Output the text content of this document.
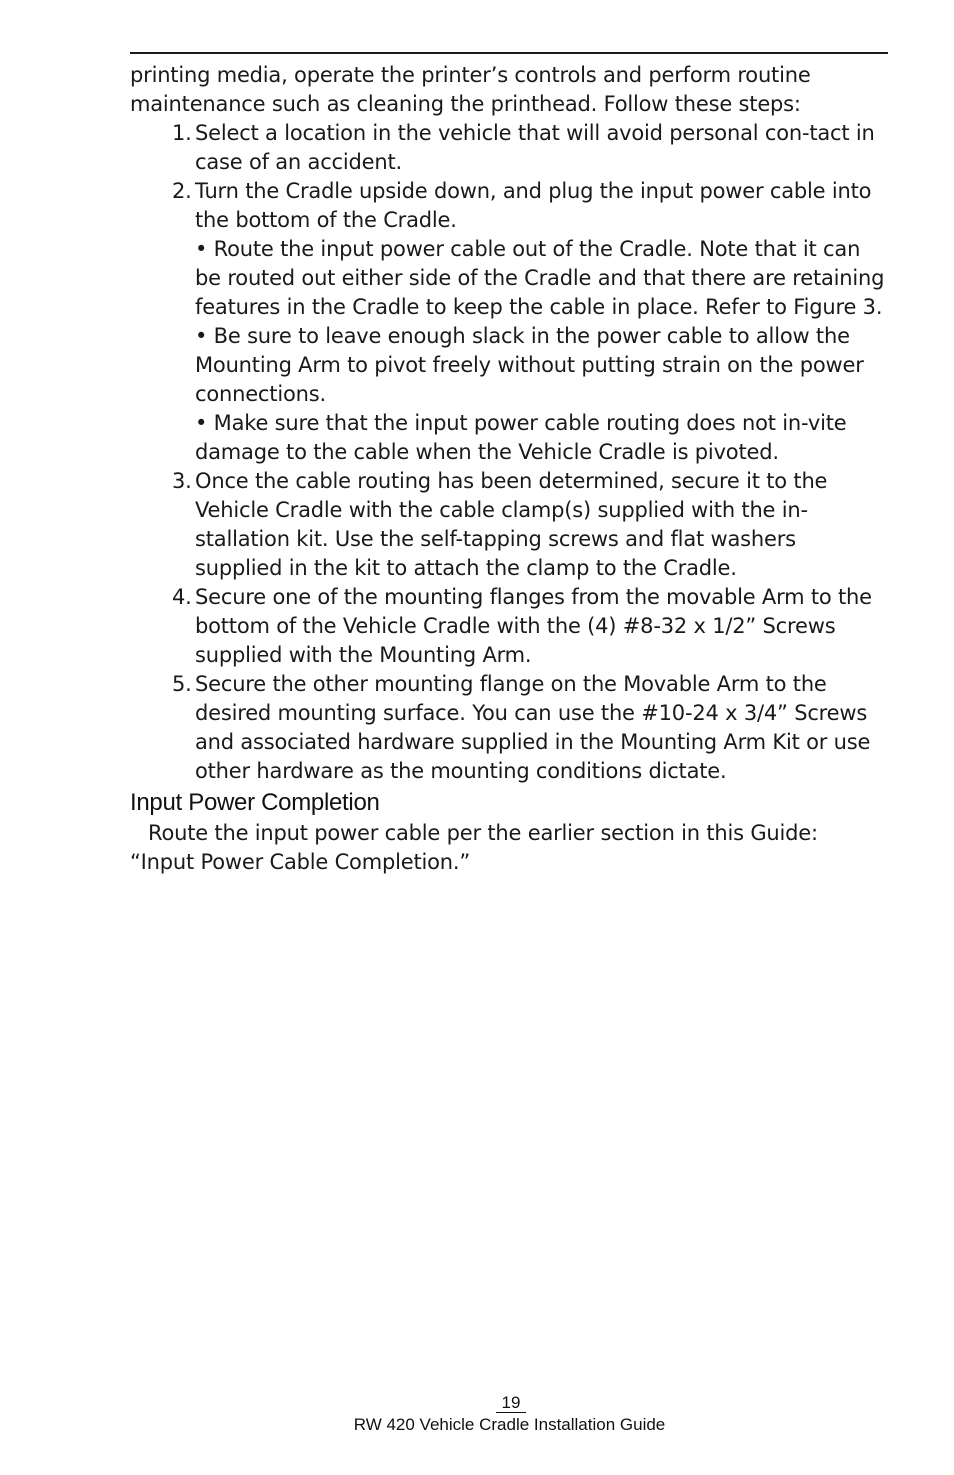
printing media, operate the printer’s controls and perform routine maintenance such as cleaning the printhead. Follow these steps:

1. Select a location in the vehicle that will avoid personal con-tact in case of an accident.
2. Turn the Cradle upside down, and plug the input power cable into the bottom of the Cradle.
• Route the input power cable out of the Cradle. Note that it can be routed out either side of the Cradle and that there are retaining features in the Cradle to keep the cable in place. Refer to Figure 3.
• Be sure to leave enough slack in the power cable to allow the Mounting Arm to pivot freely without putting strain on the power connections.
• Make sure that the input power cable routing does not in-vite damage to the cable when the Vehicle Cradle is pivoted.
3. Once the cable routing has been determined, secure it to the Vehicle Cradle with the cable clamp(s) supplied with the in-stallation kit. Use the self-tapping screws and flat washers supplied in the kit to attach the clamp to the Cradle.
4. Secure one of the mounting flanges from the movable Arm to the bottom of the Vehicle Cradle with the (4) #8-32 x 1/2” Screws supplied with the Mounting Arm.
5. Secure the other mounting flange on the Movable Arm to the desired mounting surface. You can use the #10-24 x 3/4” Screws and associated hardware supplied in the Mounting Arm Kit or use other hardware as the mounting conditions dictate.
Input Power Completion

Route the input power cable per the earlier section in this Guide: “Input Power Cable Completion.”

19
RW 420 Vehicle Cradle Installation Guide
